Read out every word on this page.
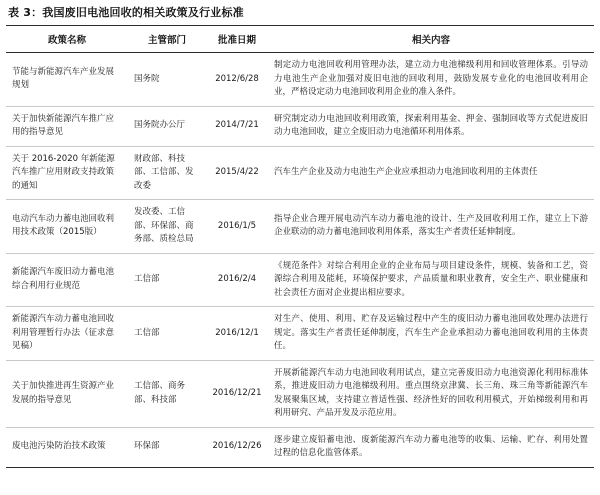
表 3：我国废旧电池回收的相关政策及行业标准
政策名称	主管部门	批准日期	相关内容
节能与新能源汽车产业发展规划	国务院	2012/6/28	制定动力电池回收利用管理办法，建立动力电池梯级利用和回收管理体系。引导动力电池生产企业加强对废旧电池的回收利用，鼓励发展专业化的电池回收利用企业，严格设定动力电池回收利用企业的准入条件。
关于加快新能源汽车推广应用的指导意见	国务院办公厅	2014/7/21	研究制定动力电池回收利用政策，探索利用基金、押金、强制回收等方式促进废旧动力电池回收，建立全废旧动力电池循环利用体系。
关于 2016-2020 年新能源汽车推广应用财政支持政策的通知	财政部、科技部、工信部、发改委	2015/4/22	汽车生产企业及动力电池生产企业应承担动力电池回收利用的主体责任
电动汽车动力蓄电池回收利用技术政策（2015版）	发改委、工信部、环保部、商务部、质检总局	2016/1/5	指导企业合理开展电动汽车动力蓄电池的设计、生产及回收利用工作，建立上下游企业联动的动力蓄电池回收利用体系，落实生产者责任延伸制度。
新能源汽车废旧动力蓄电池综合利用行业规范	工信部	2016/2/4	《规范条件》对综合利用企业的企业布局与项目建设条件，规模、装备和工艺，资源综合利用及能耗，环境保护要求，产品质量和职业教育，安全生产、职业健康和社会责任方面对企业提出相应要求。
新能源汽车动力蓄电池回收利用管理暂行办法（征求意见稿）	工信部	2016/12/1	对生产、使用、利用、贮存及运输过程中产生的废旧动力蓄电池回收处理办法进行规定。落实生产者责任延伸制度，汽车生产企业承担动力蓄电池回收利用的主体责任。
关于加快推进再生资源产业发展的指导意见	工信部、商务部、科技部	2016/12/21	开展新能源汽车动力电池回收利用试点，建立完善废旧动力电池资源化利用标准体系，推进废旧动力电池梯级利用。重点围绕京津冀、长三角、珠三角等新能源汽车发展聚集区域，支持建立普适性强、经济性好的回收利用模式，开始梯级利用和再利用研究、产品开发及示范应用。
废电池污染防治技术政策	环保部	2016/12/26	逐步建立废铅蓄电池、废新能源汽车动力蓄电池等的收集、运输、贮存、利用处置过程的信息化监管体系。
